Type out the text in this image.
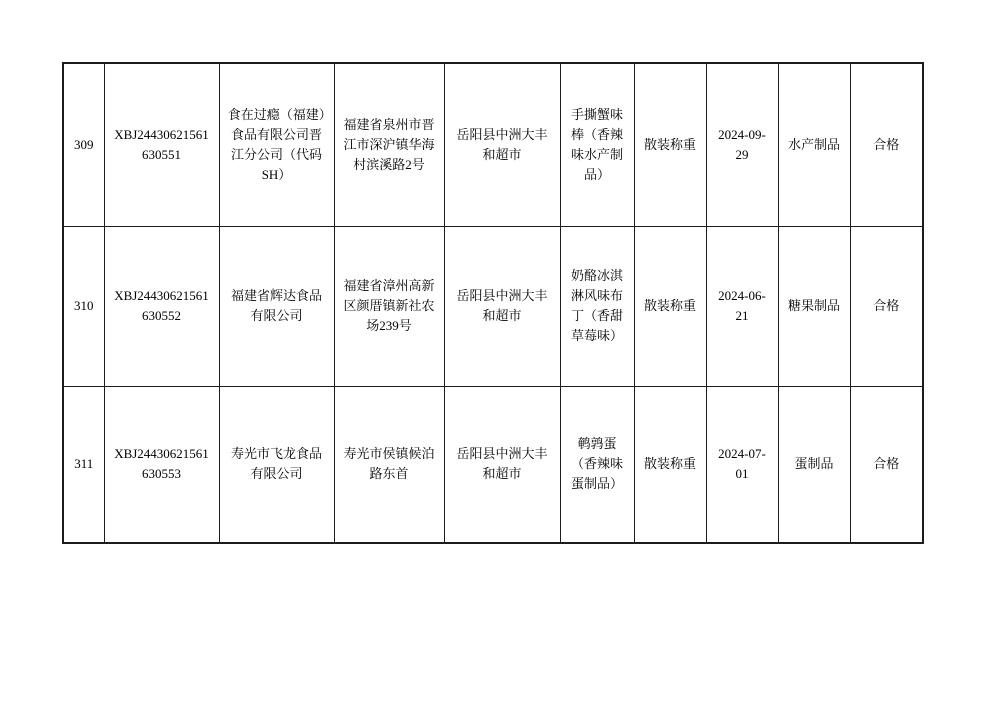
309	XBJ24430621561630551	食在过瘾（福建）食品有限公司晋江分公司（代码SH）	福建省泉州市晋江市深沪镇华海村滨溪路2号	岳阳县中洲大丰和超市	手撕蟹味棒（香辣味水产制品）	散装称重	2024-09-29	水产制品	合格
310	XBJ24430621561630552	福建省辉达食品有限公司	福建省漳州高新区颜厝镇新社农场239号	岳阳县中洲大丰和超市	奶酪冰淇淋风味布丁（香甜草莓味）	散装称重	2024-06-21	糖果制品	合格
311	XBJ24430621561630553	寿光市飞龙食品有限公司	寿光市侯镇候泊路东首	岳阳县中洲大丰和超市	鹌鹑蛋（香辣味蛋制品）	散装称重	2024-07-01	蛋制品	合格
